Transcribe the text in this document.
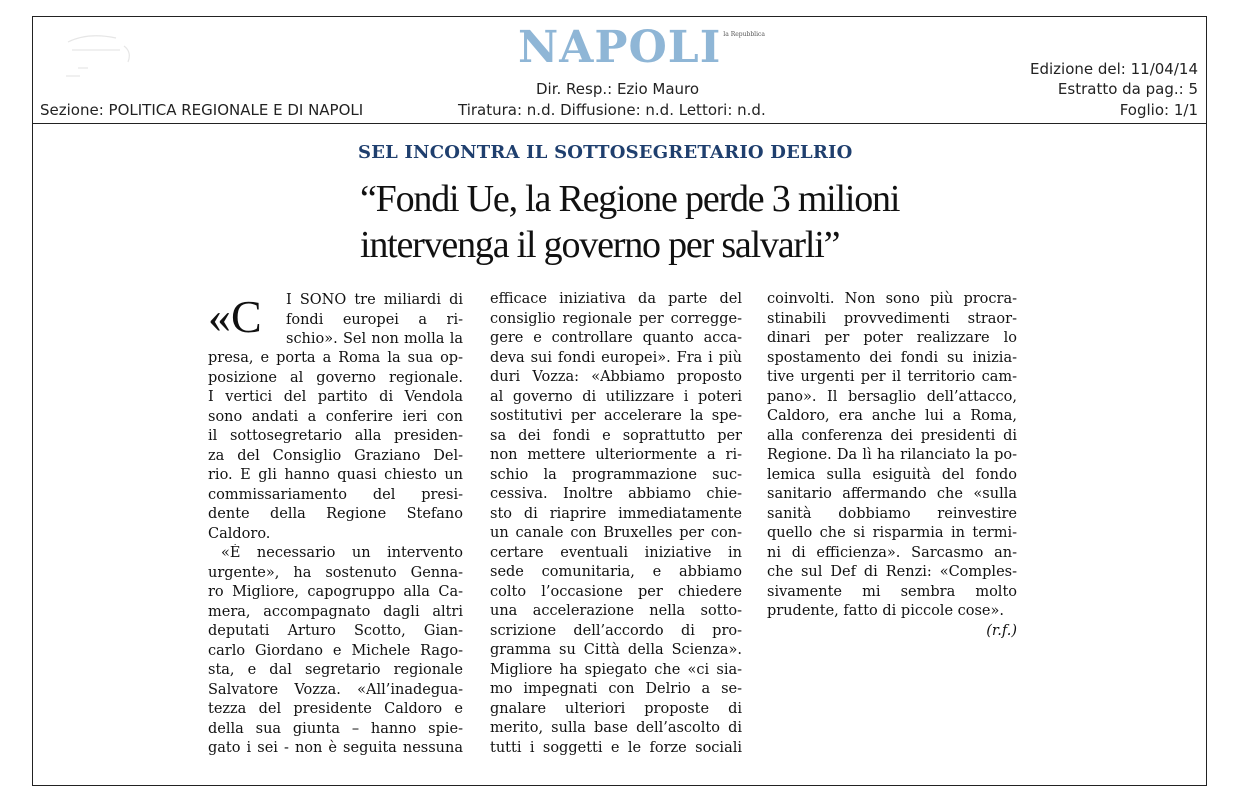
NAPOLI la Repubblica
Dir. Resp.: Ezio Mauro
Tiratura: n.d. Diffusione: n.d. Lettori: n.d.
Sezione: POLITICA REGIONALE E DI NAPOLI
Edizione del: 11/04/14
Estratto da pag.: 5
Foglio: 1/1
SEL INCONTRA IL SOTTOSEGRETARIO DELRIO
“Fondi Ue, la Regione perde 3 milioni
intervenga il governo per salvarli”
«C I SONO tre miliardi di
fondi europei a ri-
schio». Sel non molla la
presa, e porta a Roma la sua op-
posizione al governo regionale.
I vertici del partito di Vendola
sono andati a conferire ieri con
il sottosegretario alla presiden-
za del Consiglio Graziano Del-
rio. E gli hanno quasi chiesto un
commissariamento del presi-
dente della Regione Stefano
Caldoro.
«È necessario un intervento
urgente», ha sostenuto Genna-
ro Migliore, capogruppo alla Ca-
mera, accompagnato dagli altri
deputati Arturo Scotto, Gian-
carlo Giordano e Michele Rago-
sta, e dal segretario regionale
Salvatore Vozza. «All’inadegua-
tezza del presidente Caldoro e
della sua giunta – hanno spie-
gato i sei - non è seguita nessuna
efficace iniziativa da parte del
consiglio regionale per corregge-
gere e controllare quanto acca-
deva sui fondi europei». Fra i più
duri Vozza: «Abbiamo proposto
al governo di utilizzare i poteri
sostitutivi per accelerare la spe-
sa dei fondi e soprattutto per
non mettere ulteriormente a ri-
schio la programmazione suc-
cessiva. Inoltre abbiamo chie-
sto di riaprire immediatamente
un canale con Bruxelles per con-
certare eventuali iniziative in
sede comunitaria, e abbiamo
colto l’occasione per chiedere
una accelerazione nella sotto-
scrizione dell’accordo di pro-
gramma su Città della Scienza».
Migliore ha spiegato che «ci sia-
mo impegnati con Delrio a se-
gnalare ulteriori proposte di
merito, sulla base dell’ascolto di
tutti i soggetti e le forze sociali
coinvolti. Non sono più procra-
stinabili provvedimenti straor-
dinari per poter realizzare lo
spostamento dei fondi su inizia-
tive urgenti per il territorio cam-
pano». Il bersaglio dell’attacco,
Caldoro, era anche lui a Roma,
alla conferenza dei presidenti di
Regione. Da lì ha rilanciato la po-
lemica sulla esiguità del fondo
sanitario affermando che «sulla
sanità dobbiamo reinvestire
quello che si risparmia in termi-
ni di efficienza». Sarcasmo an-
che sul Def di Renzi: «Comples-
sivamente mi sembra molto
prudente, fatto di piccole cose».
(r.f.)
